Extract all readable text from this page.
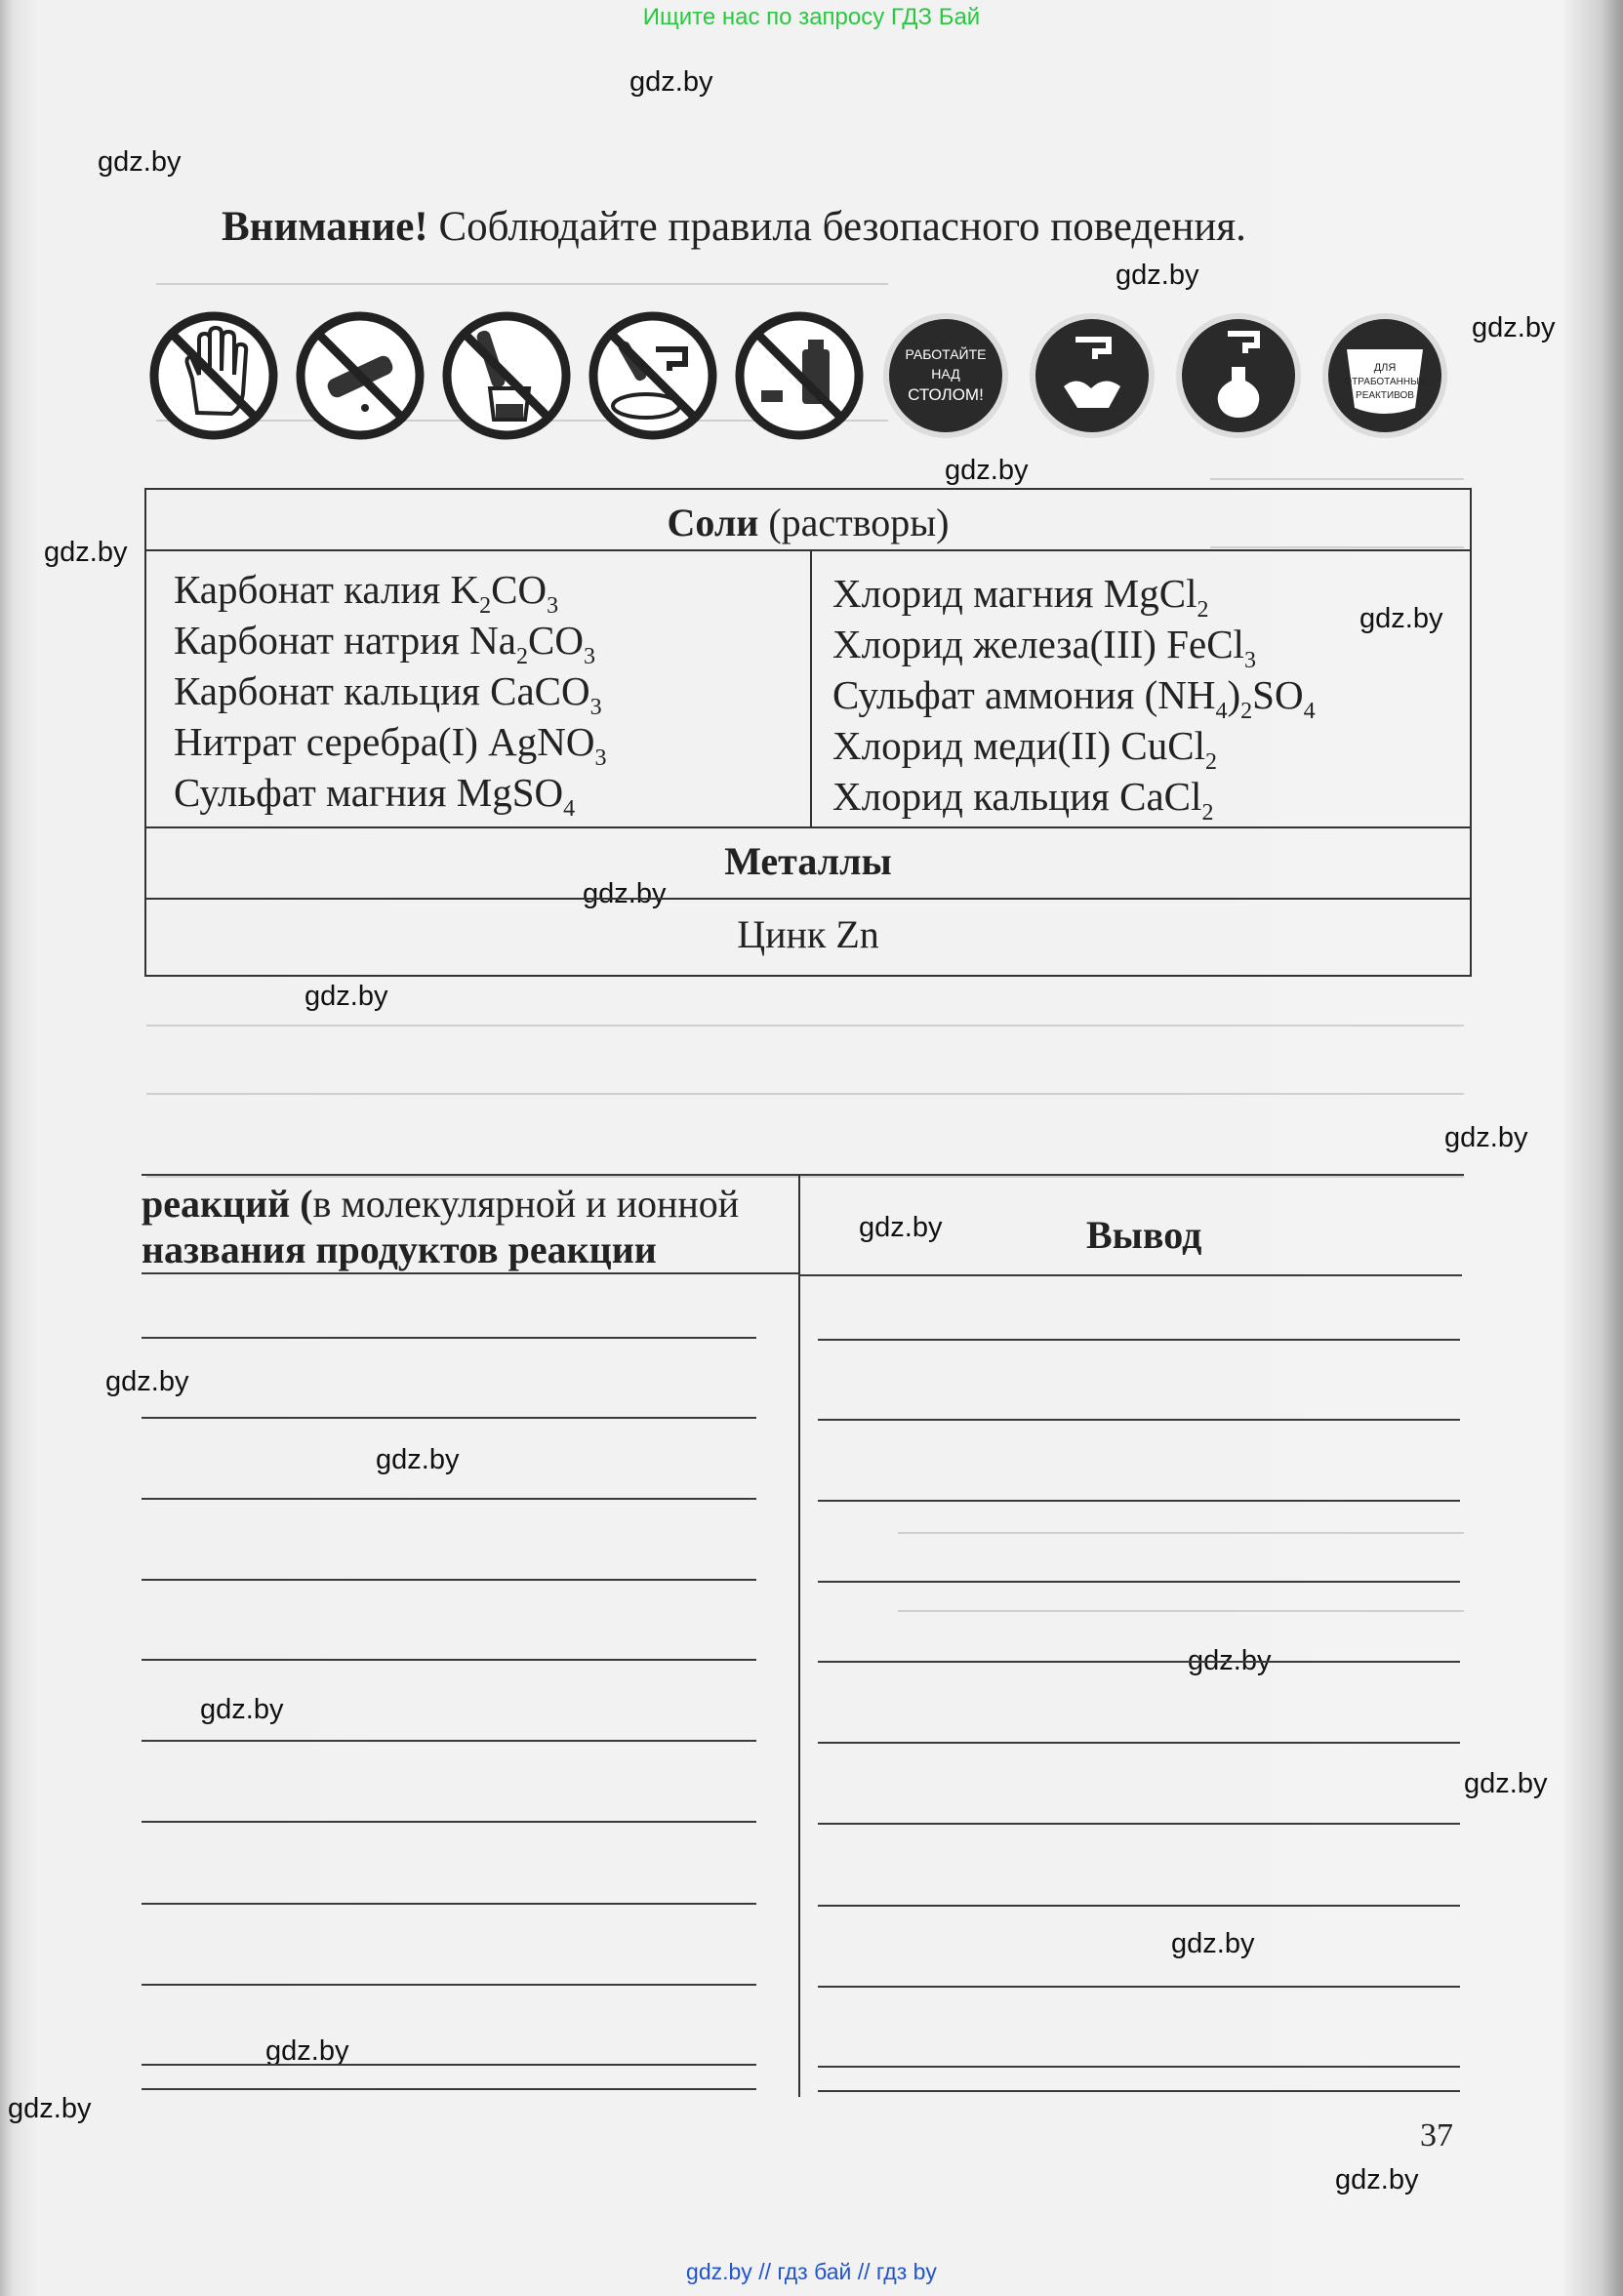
Ищите нас по запросу ГДЗ Бай
gdz.by
gdz.by
gdz.by
gdz.by
gdz.by
gdz.by
gdz.by
gdz.by
gdz.by
gdz.by
gdz.by
gdz.by
gdz.by
gdz.by
gdz.by
gdz.by
gdz.by
gdz.by
gdz.by
gdz.by
Внимание! Соблюдайте правила безопасного поведения.
РАБОТАЙТЕ
НАД
СТОЛОМ!
ДЛЯ
ОТРАБОТАННЫХ
РЕАКТИВОВ
Соли (растворы)
Карбонат калия $K_2CO_3$
Карбонат натрия $Na_2CO_3$
Карбонат кальция CaCO$_3$
Нитрат серебра(I) AgNO$_3$
Сульфат магния MgSO$_4$
Хлорид магния MgCl$_2$
Хлорид железа(III) FeCl$_3$
Сульфат аммония $(NH_4)_2SO_4$
Хлорид меди(II) CuCl$_2$
Хлорид кальция CaCl$_2$
Металлы
Цинк Zn
реакций (в молекулярной и ионной
названия продуктов реакции	Вывод
37
gdz.by // гдз бай // гдз by
